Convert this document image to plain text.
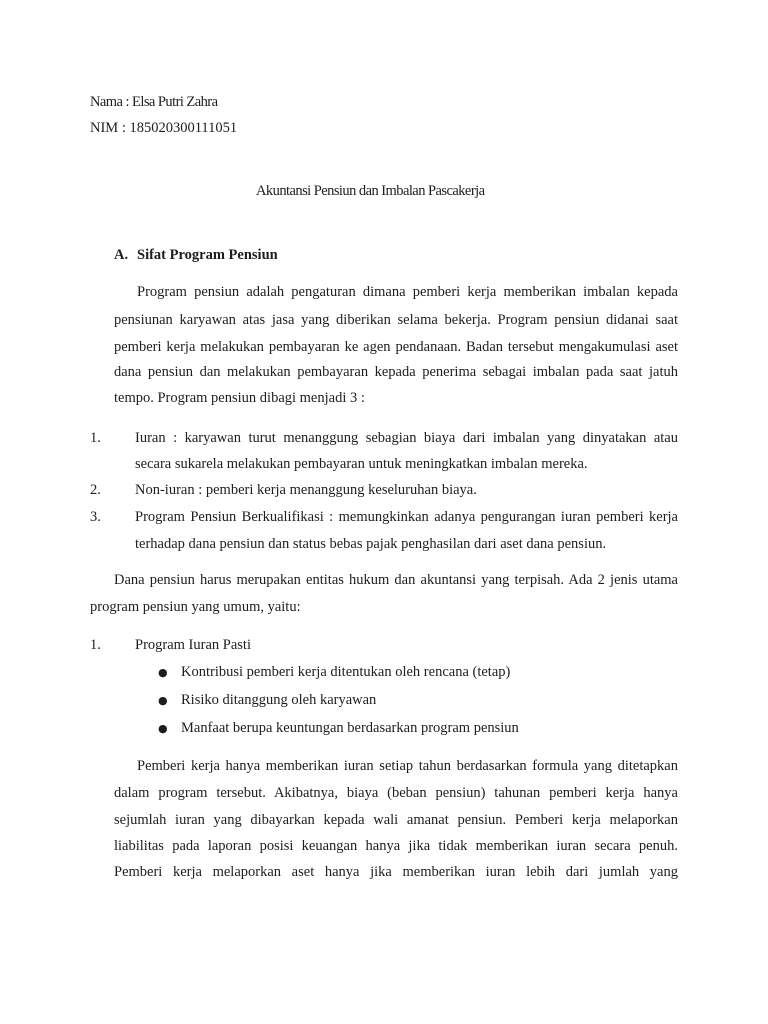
Nama : Elsa Putri Zahra
NIM : 185020300111051
Akuntansi Pensiun dan Imbalan Pascakerja
A. Sifat Program Pensiun
Program pensiun adalah pengaturan dimana pemberi kerja memberikan imbalan kepada
pensiunan karyawan atas jasa yang diberikan selama bekerja. Program pensiun didanai saat
pemberi kerja melakukan pembayaran ke agen pendanaan. Badan tersebut mengakumulasi aset
dana pensiun dan melakukan pembayaran kepada penerima sebagai imbalan pada saat jatuh
tempo. Program pensiun dibagi menjadi 3 :
1. Iuran : karyawan turut menanggung sebagian biaya dari imbalan yang dinyatakan atau
secara sukarela melakukan pembayaran untuk meningkatkan imbalan mereka.
2. Non-iuran : pemberi kerja menanggung keseluruhan biaya.
3. Program Pensiun Berkualifikasi : memungkinkan adanya pengurangan iuran pemberi kerja
terhadap dana pensiun dan status bebas pajak penghasilan dari aset dana pensiun.
Dana pensiun harus merupakan entitas hukum dan akuntansi yang terpisah. Ada 2 jenis utama
program pensiun yang umum, yaitu:
1. Program Iuran Pasti
● Kontribusi pemberi kerja ditentukan oleh rencana (tetap)
● Risiko ditanggung oleh karyawan
● Manfaat berupa keuntungan berdasarkan program pensiun
Pemberi kerja hanya memberikan iuran setiap tahun berdasarkan formula yang ditetapkan
dalam program tersebut. Akibatnya, biaya (beban pensiun) tahunan pemberi kerja hanya
sejumlah iuran yang dibayarkan kepada wali amanat pensiun. Pemberi kerja melaporkan
liabilitas pada laporan posisi keuangan hanya jika tidak memberikan iuran secara penuh.
Pemberi kerja melaporkan aset hanya jika memberikan iuran lebih dari jumlah yang
